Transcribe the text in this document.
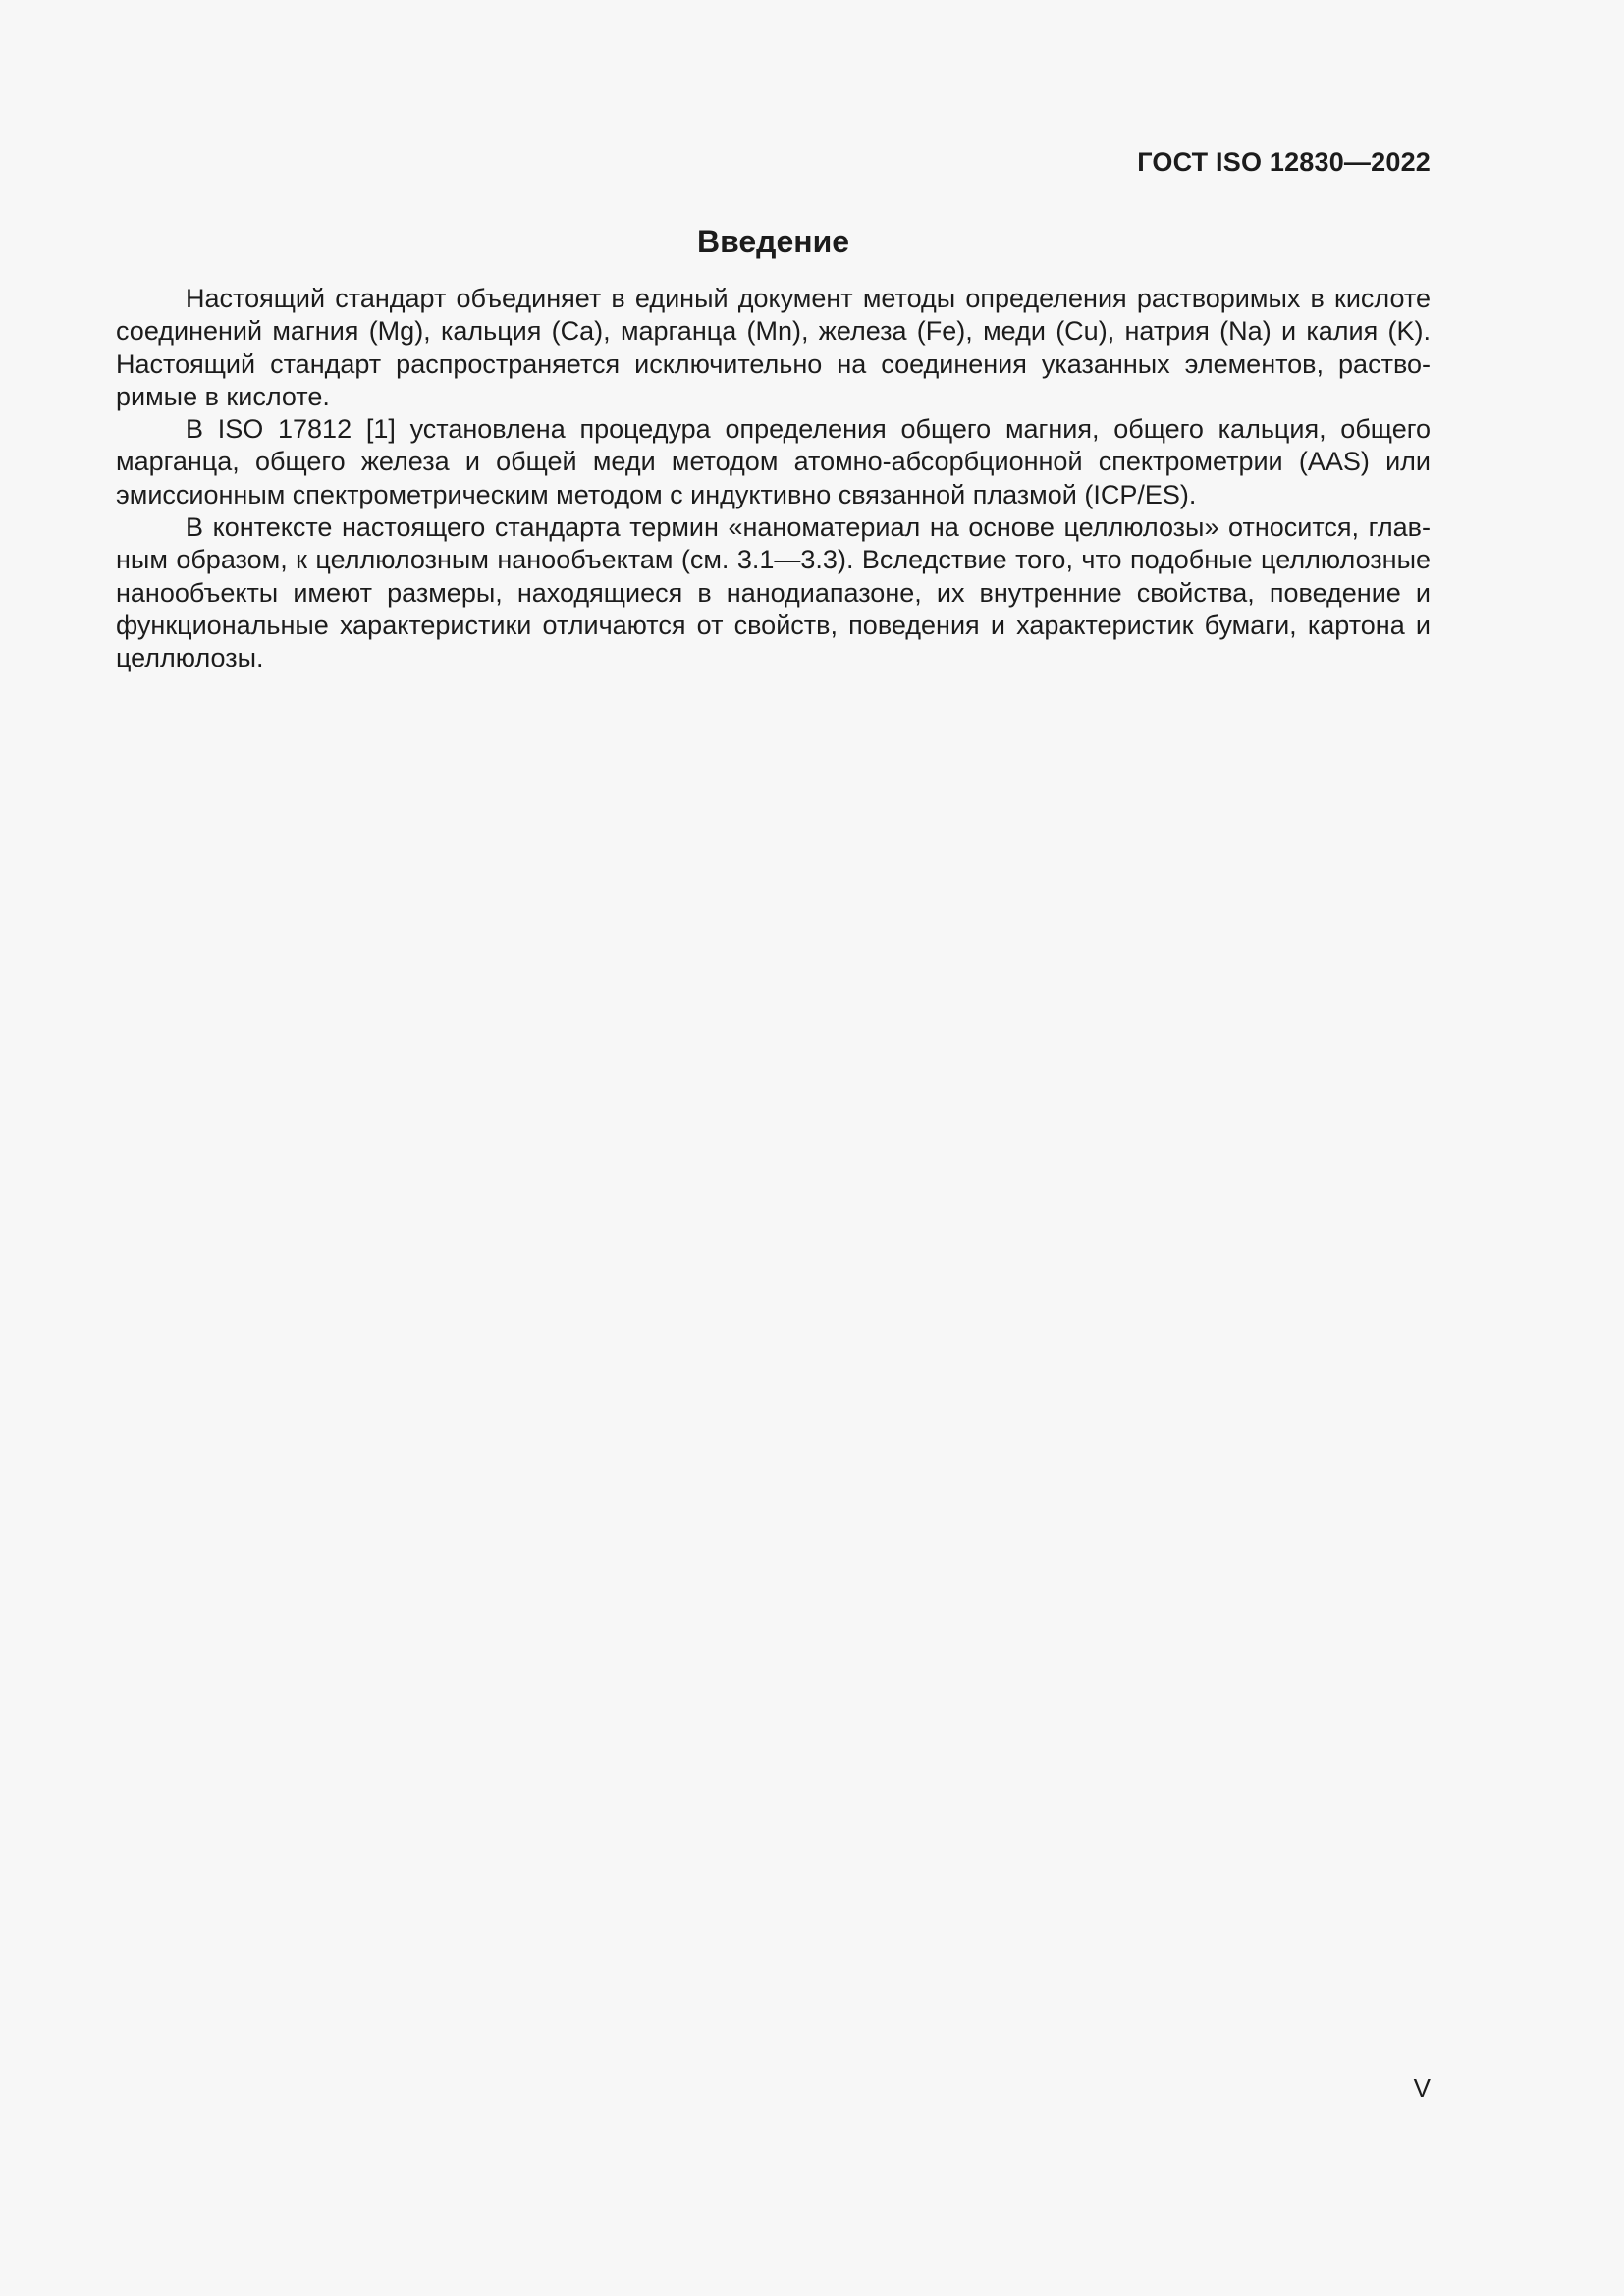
ГОСТ ISO 12830—2022
Введение

Настоящий стандарт объединяет в единый документ методы определения растворимых в кислоте соединений магния (Mg), кальция (Ca), марганца (Mn), железа (Fe), меди (Cu), натрия (Na) и калия (K). Настоящий стандарт распространяется исключительно на соединения указанных элементов, растворимые в кислоте.

В ISO 17812 [1] установлена процедура определения общего магния, общего кальция, общего марганца, общего железа и общей меди методом атомно-абсорбционной спектрометрии (AAS) или эмиссионным спектрометрическим методом с индуктивно связанной плазмой (ICP/ES).

В контексте настоящего стандарта термин «наноматериал на основе целлюлозы» относится, главным образом, к целлюлозным нанообъектам (см. 3.1—3.3). Вследствие того, что подобные целлюлозные нанообъекты имеют размеры, находящиеся в нанодиапазоне, их внутренние свойства, поведение и функциональные характеристики отличаются от свойств, поведения и характеристик бумаги, картона и целлюлозы.

V
